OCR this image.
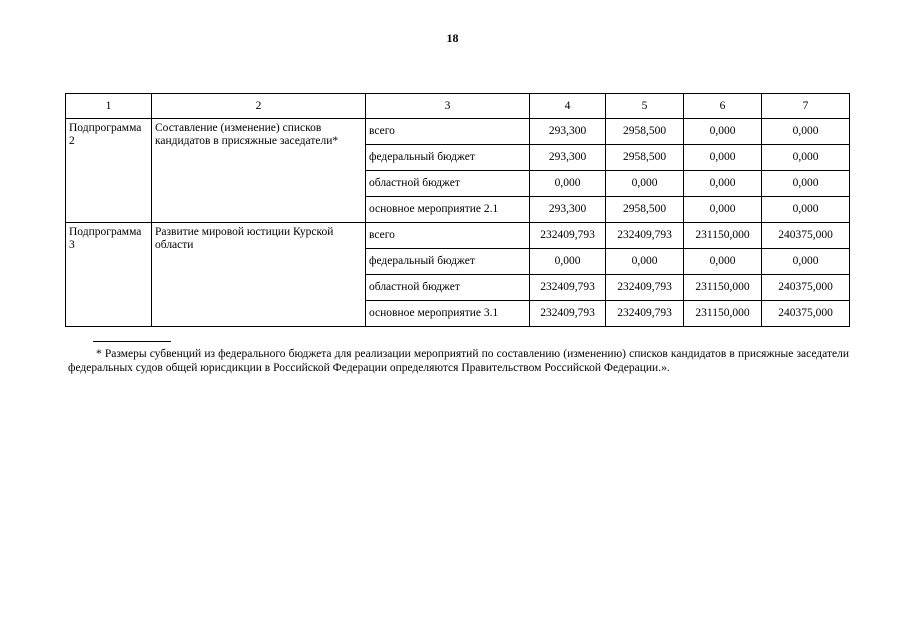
18
1	2	3	4	5	6	7
Подпрограмма 2	Составление (изменение) списков кандидатов в присяжные заседатели*	всего	293,300	2958,500	0,000	0,000
		федеральный бюджет	293,300	2958,500	0,000	0,000
		областной бюджет	0,000	0,000	0,000	0,000
		основное мероприятие 2.1	293,300	2958,500	0,000	0,000
Подпрограмма 3	Развитие мировой юстиции Курской области	всего	232409,793	232409,793	231150,000	240375,000
		федеральный бюджет	0,000	0,000	0,000	0,000
		областной бюджет	232409,793	232409,793	231150,000	240375,000
		основное мероприятие 3.1	232409,793	232409,793	231150,000	240375,000
* Размеры субвенций из федерального бюджета для реализации мероприятий по составлению (изменению) списков кандидатов в присяжные заседатели федеральных судов общей юрисдикции в Российской Федерации определяются Правительством Российской Федерации.».
